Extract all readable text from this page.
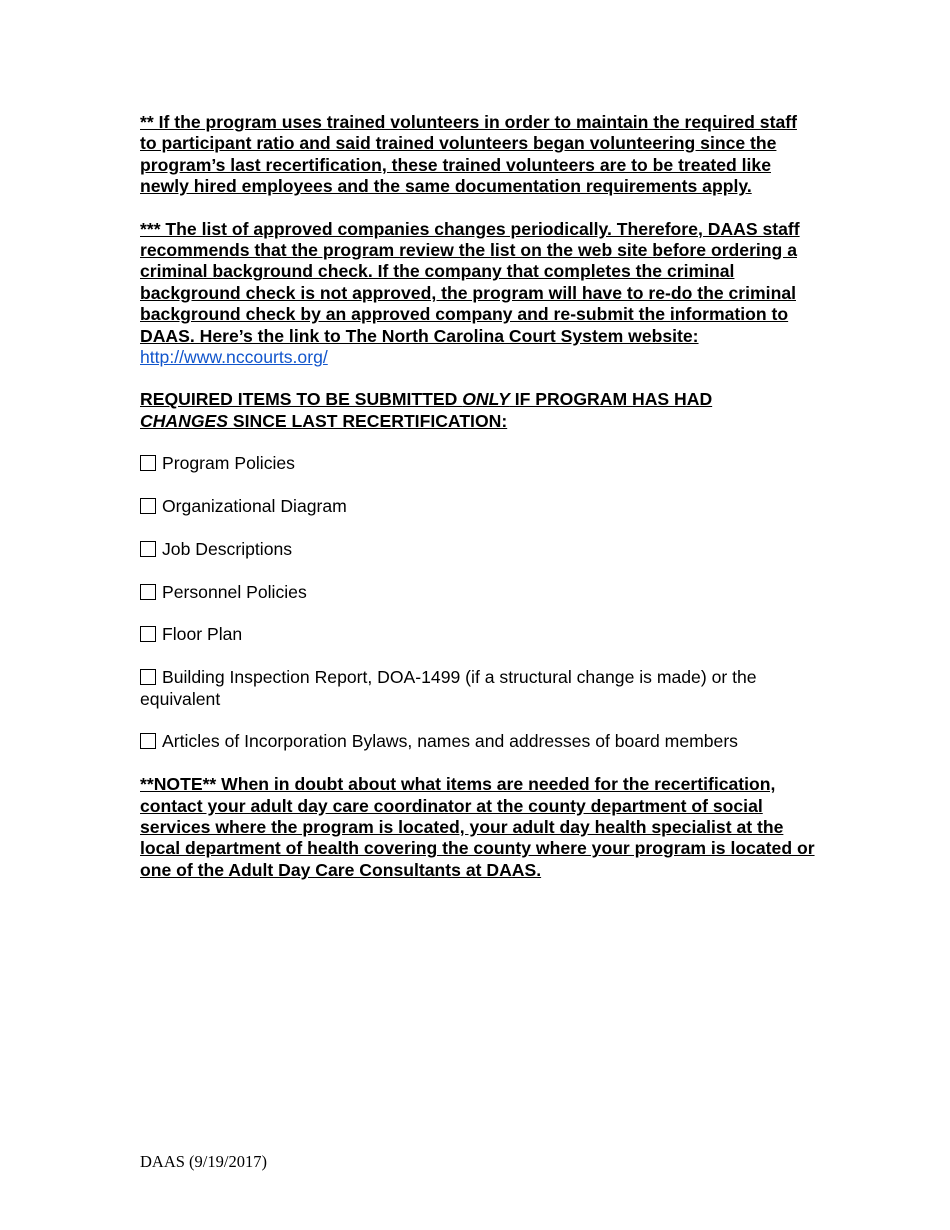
** If the program uses trained volunteers in order to maintain the required staff to participant ratio and said trained volunteers began volunteering since the program’s last recertification, these trained volunteers are to be treated like newly hired employees and the same documentation requirements apply.

*** The list of approved companies changes periodically. Therefore, DAAS staff recommends that the program review the list on the web site before ordering a criminal background check. If the company that completes the criminal background check is not approved, the program will have to re-do the criminal background check by an approved company and re-submit the information to DAAS. Here’s the link to The North Carolina Court System website:

http://www.nccourts.org/
REQUIRED ITEMS TO BE SUBMITTED ONLY IF PROGRAM HAS HAD
CHANGES SINCE LAST RECERTIFICATION:
Program Policies
Organizational Diagram
Job Descriptions
Personnel Policies
Floor Plan
Building Inspection Report, DOA-1499 (if a structural change is made) or the equivalent
Articles of Incorporation Bylaws, names and addresses of board members

**NOTE** When in doubt about what items are needed for the recertification, contact your adult day care coordinator at the county department of social services where the program is located, your adult day health specialist at the local department of health covering the county where your program is located or one of the Adult Day Care Consultants at DAAS.

DAAS (9/19/2017)
